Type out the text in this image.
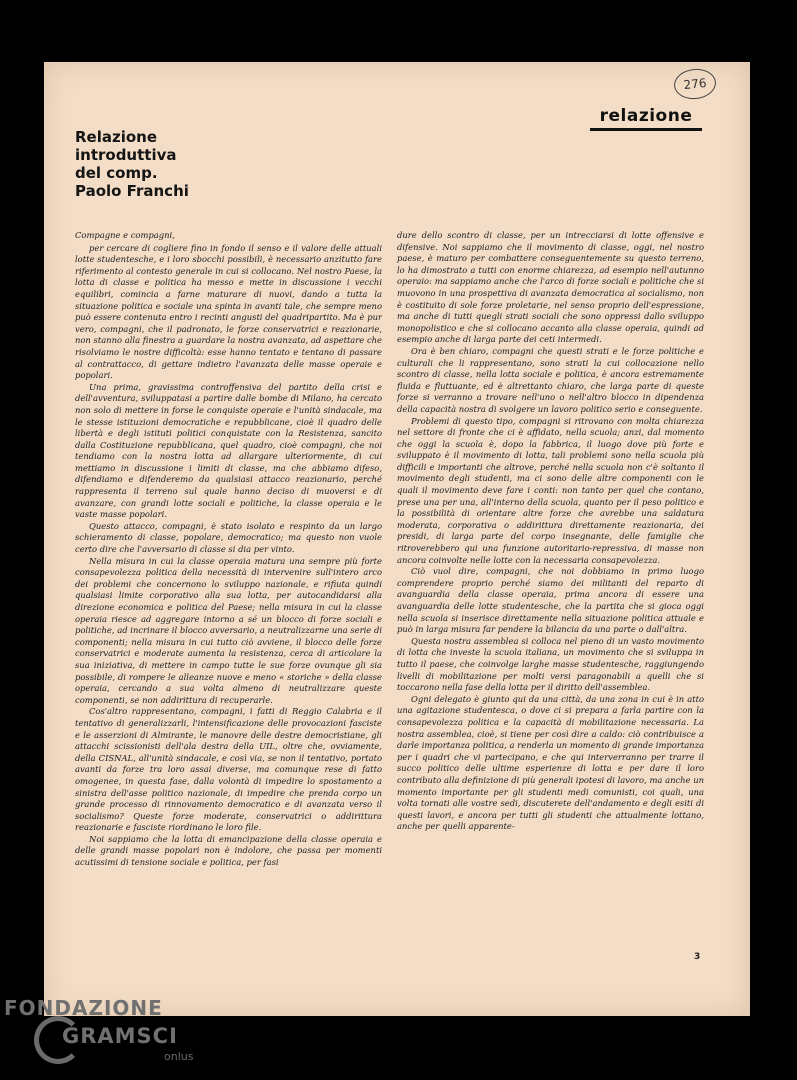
276
relazione
Relazione
introduttiva
del comp.
Paolo Franchi

Compagne e compagni,

per cercare di cogliere fino in fondo il senso e il valore delle attuali lotte studentesche, e i loro sbocchi possibili, è necessario anzitutto fare riferimento al contesto generale in cui si collocano. Nel nostro Paese, la lotta di classe e politica ha messo e mette in discussione i vecchi equilibri, comincia a farne maturare di nuovi, dando a tutta la situazione politica e sociale una spinta in avanti tale, che sempre meno può essere contenuta entro i recinti angusti del quadripartito. Ma è pur vero, compagni, che il padronato, le forze conservatrici e reazionarie, non stanno alla finestra a guardare la nostra avanzata, ad aspettare che risolviamo le nostre difficoltà: esse hanno tentato e tentano di passare al contrattacco, di gettare indietro l'avanzata delle masse operaie e popolari.

Una prima, gravissima controffensiva del partito della crisi e dell'avventura, sviluppatasi a partire dalle bombe di Milano, ha cercato non solo di mettere in forse le conquiste operaie e l'unità sindacale, ma le stesse istituzioni democratiche e repubblicane, cioè il quadro delle libertà e degli istituti politici conquistate con la Resistenza, sancito dalla Costituzione repubblicana, quel quadro, cioè compagni, che noi tendiamo con la nostra lotta ad allargare ulteriormente, di cui mettiamo in discussione i limiti di classe, ma che abbiamo difeso, difendiamo e difenderemo da qualsiasi attacco reazionario, perché rappresenta il terreno sul quale hanno deciso di muoversi e di avanzare, con grandi lotte sociali e politiche, la classe operaia e le vaste masse popolari.

Questo attacco, compagni, è stato isolato e respinto da un largo schieramento di classe, popolare, democratico; ma questo non vuole certo dire che l'avversario di classe si dia per vinto.

Nella misura in cui la classe operaia matura una sempre più forte consapevolezza politica della necessità di intervenire sull'intero arco dei problemi che concernono lo sviluppo nazionale, e rifiuta quindi qualsiasi limite corporativo alla sua lotta, per autocandidarsi alla direzione economica e politica del Paese; nella misura in cui la classe operaia riesce ad aggregare intorno a sé un blocco di forze sociali e politiche, ad incrinare il blocco avversario, a neutralizzarne una serie di componenti; nella misura in cui tutto ciò avviene, il blocco delle forze conservatrici e moderate aumenta la resistenza, cerca di articolare la sua iniziativa, di mettere in campo tutte le sue forze ovunque gli sia possibile, di rompere le alleanze nuove e meno « storiche » della classe operaia, cercando a sua volta almeno di neutralizzare queste componenti, se non addirittura di recuperarle.

Cos'altro rappresentano, compagni, i fatti di Reggio Calabria e il tentativo di generalizzarli, l'intensificazione delle provocazioni fasciste e le asserzioni di Almirante, le manovre delle destre democristiane, gli attacchi scissionisti dell'ala destra della UIL, oltre che, ovviamente, della CISNAL, all'unità sindacale, e così via, se non il tentativo, portato avanti da forze tra loro assai diverse, ma comunque rese di fatto omogenee, in questa fase, dalla volontà di impedire lo spostamento a sinistra dell'asse politico nazionale, di impedire che prenda corpo un grande processo di rinnovamento democratico e di avanzata verso il socialismo? Queste forze moderate, conservatrici o addirittura reazionarie e fasciste riordinano le loro file.

Noi sappiamo che la lotta di emancipazione della classe operaia e delle grandi masse popolari non è indolore, che passa per momenti acutissimi di tensione sociale e politica, per fasi

dure dello scontro di classe, per un intrecciarsi di lotte offensive e difensive. Noi sappiamo che il movimento di classe, oggi, nel nostro paese, è maturo per combattere conseguentemente su questo terreno, lo ha dimostrato a tutti con enorme chiarezza, ad esempio nell'autunno operaio: ma sappiamo anche che l'arco di forze sociali e politiche che si muovono in una prospettiva di avanzata democratica al socialismo, non è costituito di sole forze proletarie, nel senso proprio dell'espressione, ma anche di tutti quegli strati sociali che sono oppressi dallo sviluppo monopolistico e che si collocano accanto alla classe operaia, quindi ad esempio anche di larga parte dei ceti intermedi.

Ora è ben chiaro, compagni che questi strati e le forze politiche e culturali che li rappresentano, sono strati la cui collocazione nello scontro di classe, nella lotta sociale e politica, è ancora estremamente fluida e fluttuante, ed è altrettanto chiaro, che larga parte di queste forze si verranno a trovare nell'uno o nell'altro blocco in dipendenza della capacità nostra di svolgere un lavoro politico serio e conseguente.

Problemi di questo tipo, compagni si ritrovano con molta chiarezza nel settore di fronte che ci è affidato, nella scuola; anzi, dal momento che oggi la scuola è, dopo la fabbrica, il luogo dove più forte e sviluppato è il movimento di lotta, tali problemi sono nella scuola più difficili e importanti che altrove, perché nella scuola non c'è soltanto il movimento degli studenti, ma ci sono delle altre componenti con le quali il movimento deve fare i conti: non tanto per quel che contano, prese una per una, all'interno della scuola, quanto per il peso politico e la possibilità di orientare altre forze che avrebbe una saldatura moderata, corporativa o addirittura direttamente reazionaria, dei presidi, di larga parte del corpo insegnante, delle famiglie che ritroverebbero qui una funzione autoritario-repressiva, di masse non ancora coinvolte nelle lotte con la necessaria consapevolezza.

Ciò vuol dire, compagni, che noi dobbiamo in primo luogo comprendere proprio perché siamo dei militanti del reparto di avanguardia della classe operaia, prima ancora di essere una avanguardia delle lotte studentesche, che la partita che si gioca oggi nella scuola si inserisce direttamente nella situazione politica attuale e può in larga misura far pendere la bilancia da una parte o dall'altra.

Questa nostra assemblea si colloca nel pieno di un vasto movimento di lotta che investe la scuola italiana, un movimento che si sviluppa in tutto il paese, che coinvolge larghe masse studentesche, raggiungendo livelli di mobilitazione per molti versi paragonabili a quelli che si toccarono nella fase della lotta per il diritto dell'assemblea.

Ogni delegato è giunto qui da una città, da una zona in cui è in atto una agitazione studentesca, o dove ci si prepara a farla partire con la consapevolezza politica e la capacità di mobilitazione necessaria. La nostra assemblea, cioè, si tiene per così dire a caldo: ciò contribuisce a darle importanza politica, a renderla un momento di grande importanza per i quadri che vi partecipano, e che qui interverranno per trarre il succo politico delle ultime esperienze di lotta e per dare il loro contributo alla definizione di più generali ipotesi di lavoro, ma anche un momento importante per gli studenti medi comunisti, coi quali, una volta tornati alle vostre sedi, discuterete dell'andamento e degli esiti di questi lavori, e ancora per tutti gli studenti che attualmente lottano, anche per quelli apparente-

3
FONDAZIONE
GRAMSCI
onlus
